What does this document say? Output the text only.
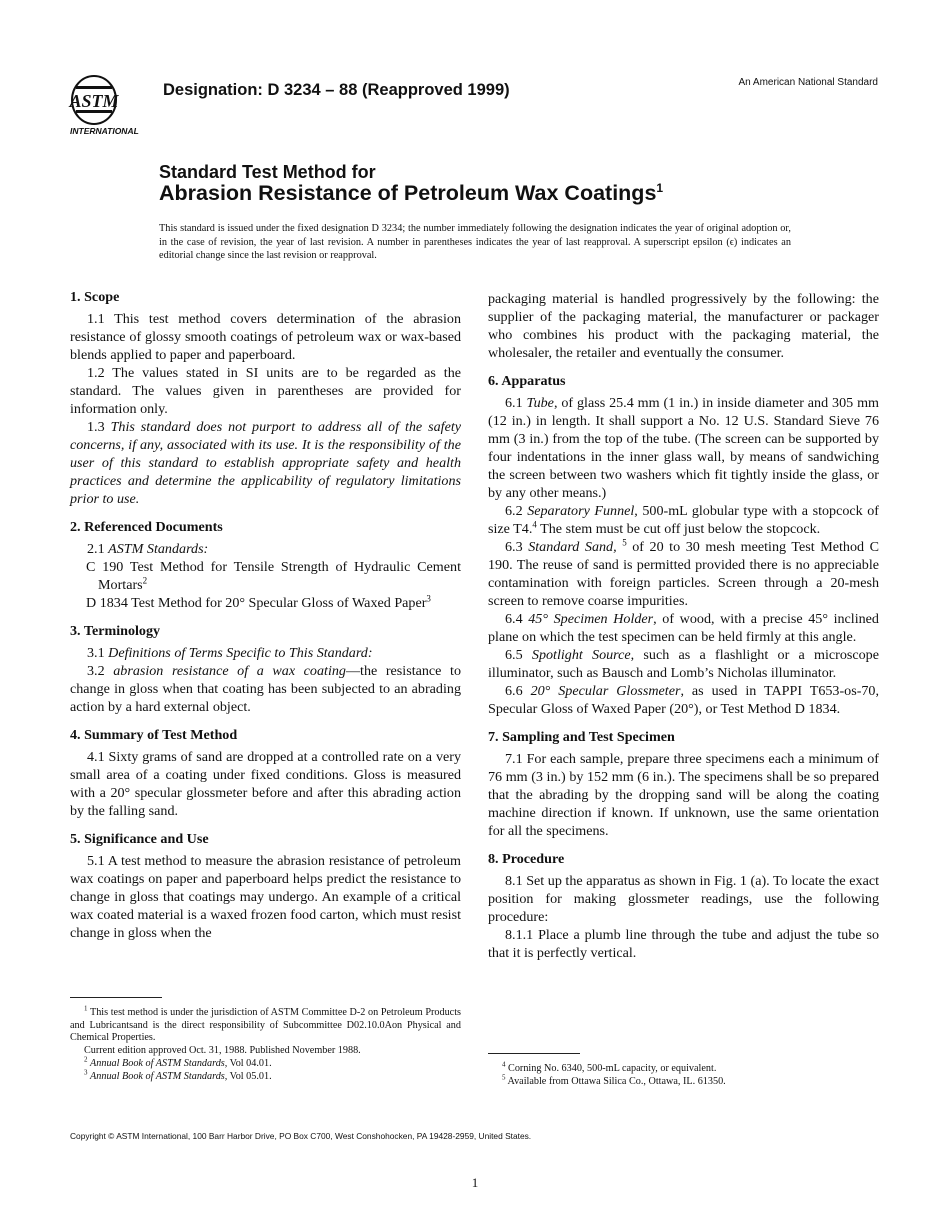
ASTM
INTERNATIONAL
Designation: D 3234 – 88 (Reapproved 1999)	An American National Standard
Standard Test Method for
Abrasion Resistance of Petroleum Wax Coatings$^1$
This standard is issued under the fixed designation D 3234; the number immediately following the designation indicates the year of original adoption or, in the case of revision, the year of last revision. A number in parentheses indicates the year of last reapproval. A superscript epsilon (ϵ) indicates an editorial change since the last revision or reapproval.
1. Scope

1.1 This test method covers determination of the abrasion resistance of glossy smooth coatings of petroleum wax or wax-based blends applied to paper and paperboard.

1.2 The values stated in SI units are to be regarded as the standard. The values given in parentheses are provided for information only.

1.3 This standard does not purport to address all of the safety concerns, if any, associated with its use. It is the responsibility of the user of this standard to establish appropriate safety and health practices and determine the applicability of regulatory limitations prior to use.

2. Referenced Documents

2.1 ASTM Standards:

C 190 Test Method for Tensile Strength of Hydraulic Cement Mortars$^2$

D 1834 Test Method for 20° Specular Gloss of Waxed Paper$^3$

3. Terminology

3.1 Definitions of Terms Specific to This Standard:

3.2 abrasion resistance of a wax coating—the resistance to change in gloss when that coating has been subjected to an abrading action by a hard external object.

4. Summary of Test Method

4.1 Sixty grams of sand are dropped at a controlled rate on a very small area of a coating under fixed conditions. Gloss is measured with a 20° specular glossmeter before and after this abrading action by the falling sand.

5. Significance and Use

5.1 A test method to measure the abrasion resistance of petroleum wax coatings on paper and paperboard helps predict the resistance to change in gloss that coatings may undergo. An example of a critical wax coated material is a waxed frozen food carton, which must resist change in gloss when the

packaging material is handled progressively by the following: the supplier of the packaging material, the manufacturer or packager who combines his product with the packaging material, the wholesaler, the retailer and eventually the consumer.

6. Apparatus

6.1 Tube, of glass 25.4 mm (1 in.) in inside diameter and 305 mm (12 in.) in length. It shall support a No. 12 U.S. Standard Sieve 76 mm (3 in.) from the top of the tube. (The screen can be supported by four indentations in the inner glass wall, by means of sandwiching the screen between two washers which fit tightly inside the glass, or by any other means.)

6.2 Separatory Funnel, 500-mL globular type with a stopcock of size T4.$^4$ The stem must be cut off just below the stopcock.

6.3 Standard Sand, $^5$ of 20 to 30 mesh meeting Test Method C 190. The reuse of sand is permitted provided there is no appreciable contamination with foreign particles. Screen through a 20-mesh screen to remove coarse impurities.

6.4 45° Specimen Holder, of wood, with a precise 45° inclined plane on which the test specimen can be held firmly at this angle.

6.5 Spotlight Source, such as a flashlight or a microscope illuminator, such as Bausch and Lomb’s Nicholas illuminator.

6.6 20° Specular Glossmeter, as used in TAPPI T653-os-70, Specular Gloss of Waxed Paper (20°), or Test Method D 1834.

7. Sampling and Test Specimen

7.1 For each sample, prepare three specimens each a minimum of 76 mm (3 in.) by 152 mm (6 in.). The specimens shall be so prepared that the abrading by the dropping sand will be along the coating machine direction if known. If unknown, use the same orientation for all the specimens.

8. Procedure

8.1 Set up the apparatus as shown in Fig. 1 (a). To locate the exact position for making glossmeter readings, use the following procedure:

8.1.1 Place a plumb line through the tube and adjust the tube so that it is perfectly vertical.

$^1$ This test method is under the jurisdiction of ASTM Committee D-2 on Petroleum Products and Lubricantsand is the direct responsibility of Subcommittee D02.10.0Aon Physical and Chemical Properties.

Current edition approved Oct. 31, 1988. Published November 1988.

$^2$ Annual Book of ASTM Standards, Vol 04.01.

$^3$ Annual Book of ASTM Standards, Vol 05.01.

$^4$ Corning No. 6340, 500-mL capacity, or equivalent.

$^5$ Available from Ottawa Silica Co., Ottawa, IL. 61350.

Copyright © ASTM International, 100 Barr Harbor Drive, PO Box C700, West Conshohocken, PA 19428-2959, United States.
1
